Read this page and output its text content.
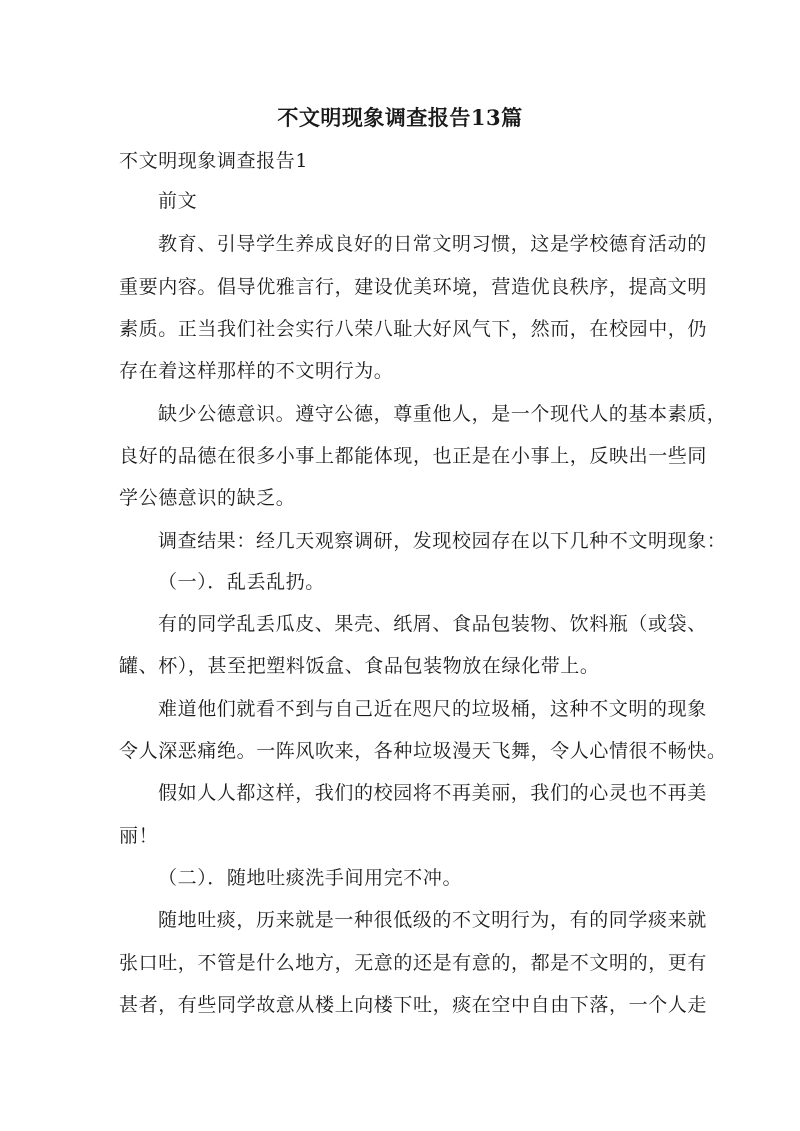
不文明现象调查报告13篇
不文明现象调查报告1
前文
教育、引导学生养成良好的日常文明习惯，这是学校德育活动的
重要内容。倡导优雅言行，建设优美环境，营造优良秩序，提高文明
素质。正当我们社会实行八荣八耻大好风气下，然而，在校园中，仍
存在着这样那样的不文明行为。
缺少公德意识。遵守公德，尊重他人，是一个现代人的基本素质，
良好的品德在很多小事上都能体现，也正是在小事上，反映出一些同
学公德意识的缺乏。
调查结果：经几天观察调研，发现校园存在以下几种不文明现象：
（一）．乱丢乱扔。
有的同学乱丢瓜皮、果壳、纸屑、食品包装物、饮料瓶（或袋、
罐、杯），甚至把塑料饭盒、食品包装物放在绿化带上。
难道他们就看不到与自己近在咫尺的垃圾桶，这种不文明的现象
令人深恶痛绝。一阵风吹来，各种垃圾漫天飞舞，令人心情很不畅快。
假如人人都这样，我们的校园将不再美丽，我们的心灵也不再美
丽！
（二）．随地吐痰洗手间用完不冲。
随地吐痰，历来就是一种很低级的不文明行为，有的同学痰来就
张口吐，不管是什么地方，无意的还是有意的，都是不文明的，更有
甚者，有些同学故意从楼上向楼下吐，痰在空中自由下落，一个人走
